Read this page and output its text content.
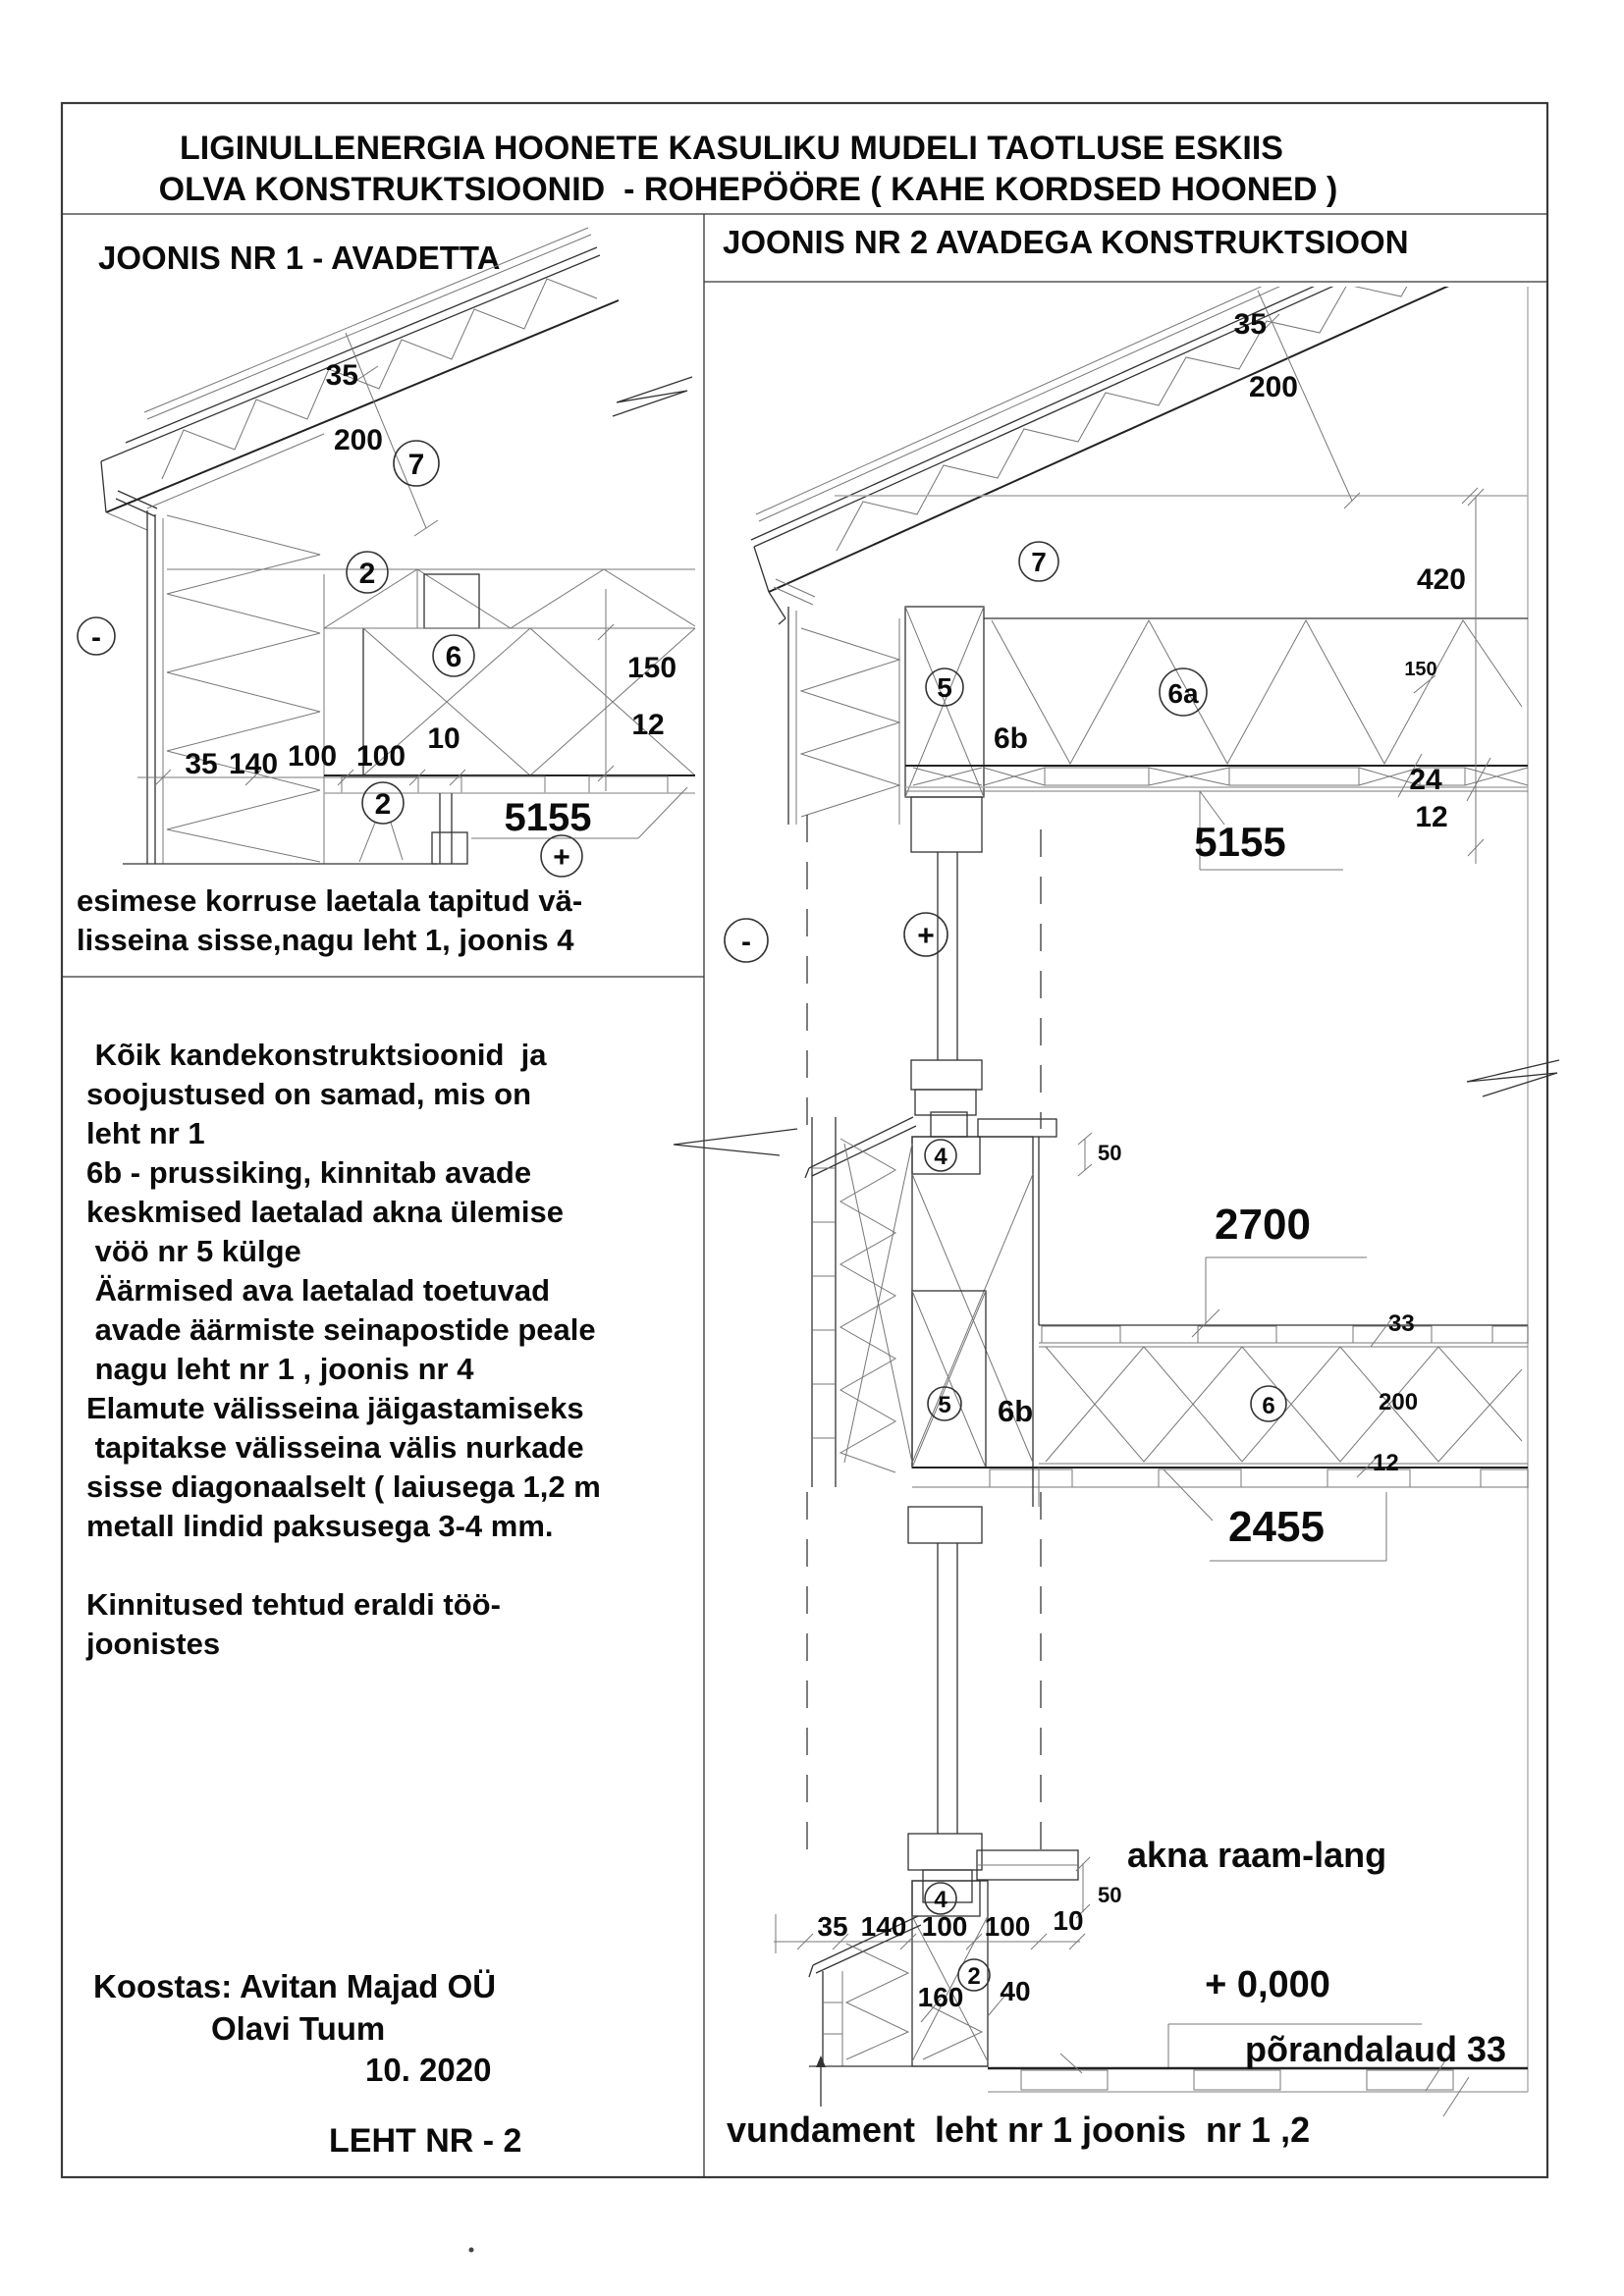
LIGINULLENERGIA HOONETE KASULIKU MUDELI TAOTLUSE ESKIIS
OLVA KONSTRUKTSIOONID  - ROHEPÖÖRE ( KAHE KORDSED HOONED )
JOONIS NR 1 - AVADETTA	JOONIS NR 2 AVADEGA KONSTRUKTSIOON
7
2
6
2
-
+
35
200
150
12
10
100 100
35 140
5155
esimese korruse laetala tapitud vä-
lisseina sisse,nagu leht 1, joonis 4
Kõik kandekonstruktsioonid  ja
soojustused on samad, mis on
leht nr 1
6b - prussiking, kinnitab avade
keskmised laetalad akna ülemise
vöö nr 5 külge
Äärmised ava laetalad toetuvad
avade äärmiste seinapostide peale
nagu leht nr 1 , joonis nr 4
Elamute välisseina jäigastamiseks
tapitakse välisseina välis nurkade
sisse diagonaalselt ( laiusega 1,2 m
metall lindid paksusega 3-4 mm.
Kinnitused tehtud eraldi töö-
joonistes
Koostas: Avitan Majad OÜ
Olavi Tuum
10. 2020
LEHT NR - 2
7
5	6a
-	+
4
5	6
4
2
35
200
420
150
24
12
5155
50
2700
33
200
12
2455
50
10
35 140 100 100
160 40
6b
6b
akna raam-lang
+ 0,000
põrandalaud 33
vundament  leht nr 1 joonis  nr 1 ,2
